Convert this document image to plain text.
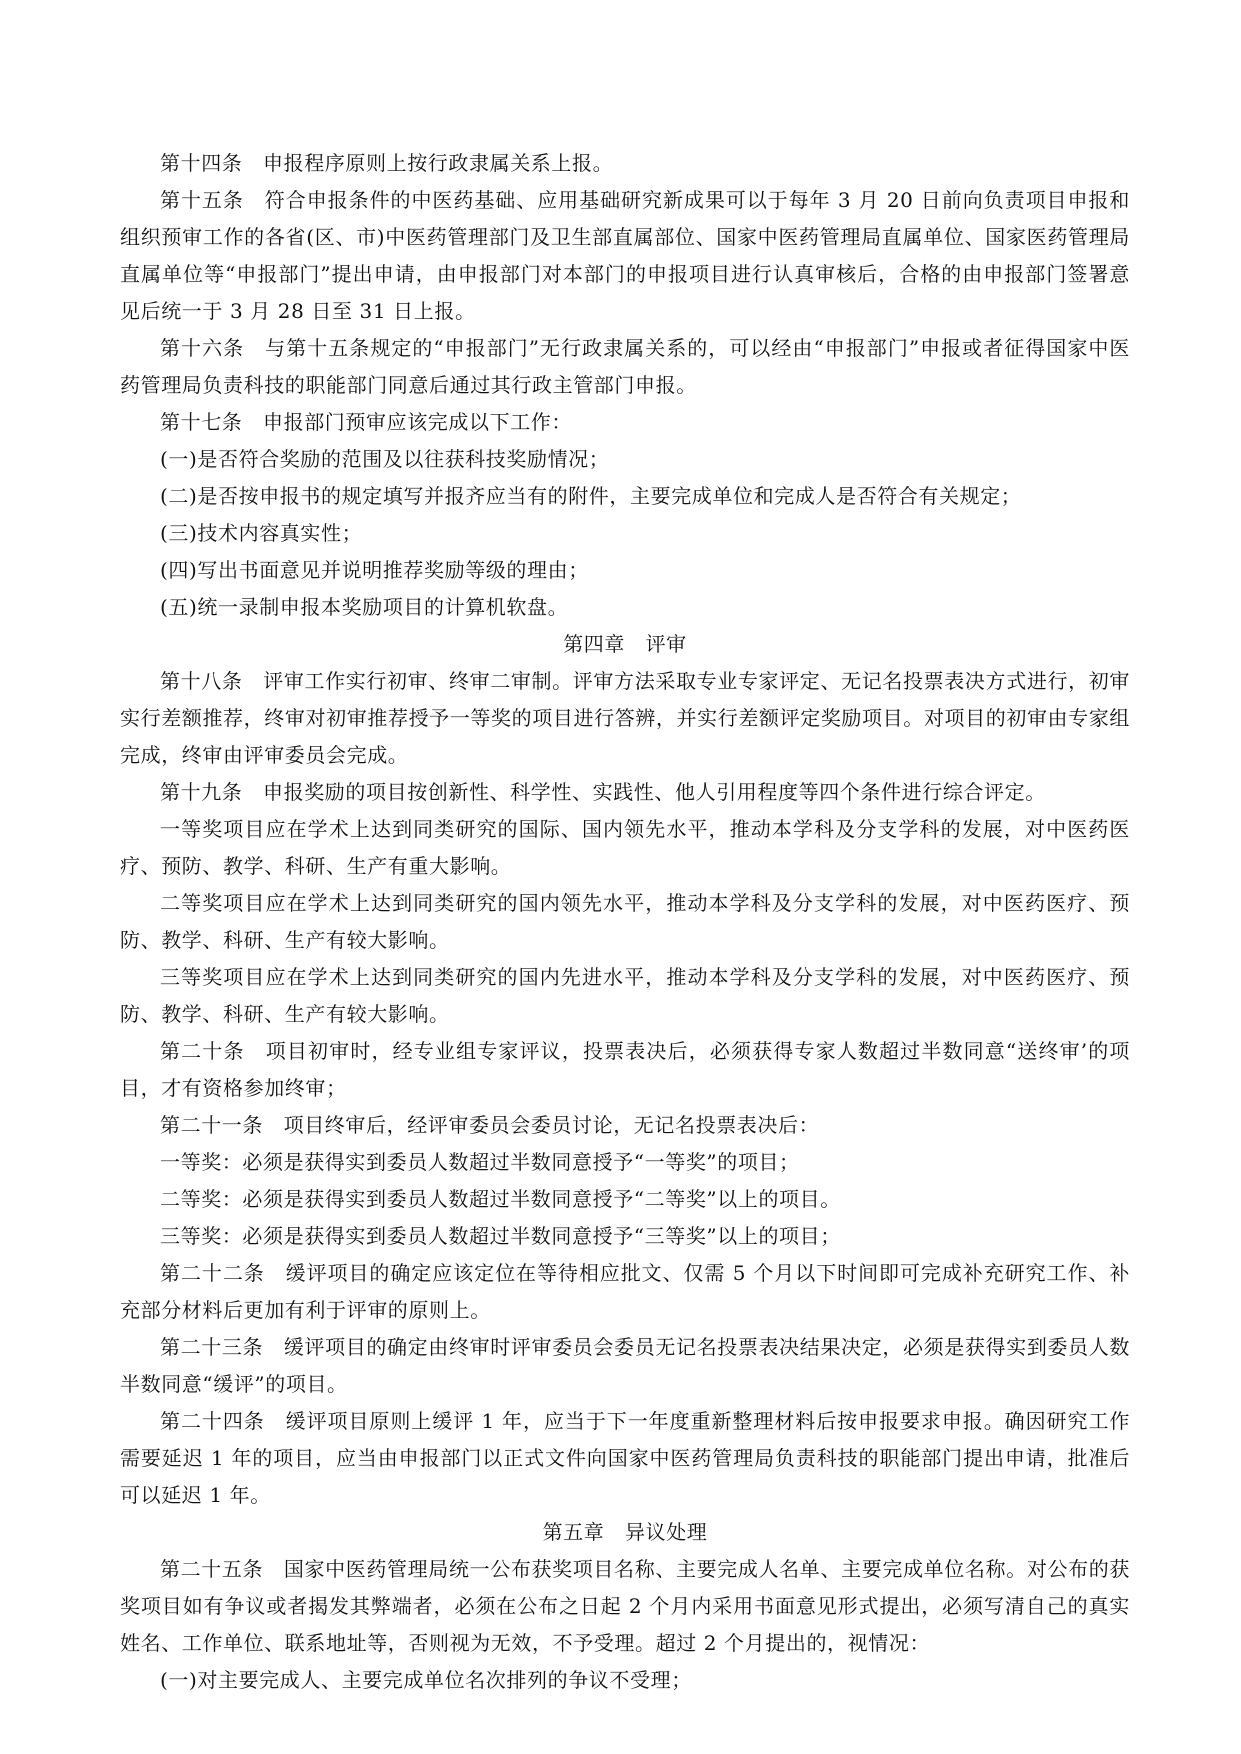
第十四条　申报程序原则上按行政隶属关系上报。

第十五条　符合申报条件的中医药基础、应用基础研究新成果可以于每年 3 月 20 日前向负责项目申报和组织预审工作的各省(区、市)中医药管理部门及卫生部直属部位、国家中医药管理局直属单位、国家医药管理局直属单位等“申报部门”提出申请，由申报部门对本部门的申报项目进行认真审核后，合格的由申报部门签署意见后统一于 3 月 28 日至 31 日上报。

第十六条　与第十五条规定的“申报部门”无行政隶属关系的，可以经由“申报部门”申报或者征得国家中医药管理局负责科技的职能部门同意后通过其行政主管部门申报。

第十七条　申报部门预审应该完成以下工作：

(一)是否符合奖励的范围及以往获科技奖励情况；

(二)是否按申报书的规定填写并报齐应当有的附件，主要完成单位和完成人是否符合有关规定；

(三)技术内容真实性；

(四)写出书面意见并说明推荐奖励等级的理由；

(五)统一录制申报本奖励项目的计算机软盘。

第四章　评审

第十八条　评审工作实行初审、终审二审制。评审方法采取专业专家评定、无记名投票表决方式进行，初审实行差额推荐，终审对初审推荐授予一等奖的项目进行答辨，并实行差额评定奖励项目。对项目的初审由专家组完成，终审由评审委员会完成。

第十九条　申报奖励的项目按创新性、科学性、实践性、他人引用程度等四个条件进行综合评定。

一等奖项目应在学术上达到同类研究的国际、国内领先水平，推动本学科及分支学科的发展，对中医药医疗、预防、教学、科研、生产有重大影响。

二等奖项目应在学术上达到同类研究的国内领先水平，推动本学科及分支学科的发展，对中医药医疗、预防、教学、科研、生产有较大影响。

三等奖项目应在学术上达到同类研究的国内先进水平，推动本学科及分支学科的发展，对中医药医疗、预防、教学、科研、生产有较大影响。

第二十条　项目初审时，经专业组专家评议，投票表决后，必须获得专家人数超过半数同意“送终审’的项目，才有资格参加终审；

第二十一条　项目终审后，经评审委员会委员讨论，无记名投票表决后：

一等奖：必须是获得实到委员人数超过半数同意授予“一等奖”的项目；

二等奖：必须是获得实到委员人数超过半数同意授予“二等奖”以上的项目。

三等奖：必须是获得实到委员人数超过半数同意授予“三等奖”以上的项目；

第二十二条　缓评项目的确定应该定位在等待相应批文、仅需 5 个月以下时间即可完成补充研究工作、补充部分材料后更加有利于评审的原则上。

第二十三条　缓评项目的确定由终审时评审委员会委员无记名投票表决结果决定，必须是获得实到委员人数半数同意“缓评”的项目。

第二十四条　缓评项目原则上缓评 1 年，应当于下一年度重新整理材料后按申报要求申报。确因研究工作需要延迟 1 年的项目，应当由申报部门以正式文件向国家中医药管理局负责科技的职能部门提出申请，批准后可以延迟 1 年。

第五章　异议处理

第二十五条　国家中医药管理局统一公布获奖项目名称、主要完成人名单、主要完成单位名称。对公布的获奖项目如有争议或者揭发其弊端者，必须在公布之日起 2 个月内采用书面意见形式提出，必须写清自己的真实姓名、工作单位、联系地址等，否则视为无效，不予受理。超过 2 个月提出的，视情况：

(一)对主要完成人、主要完成单位名次排列的争议不受理；
